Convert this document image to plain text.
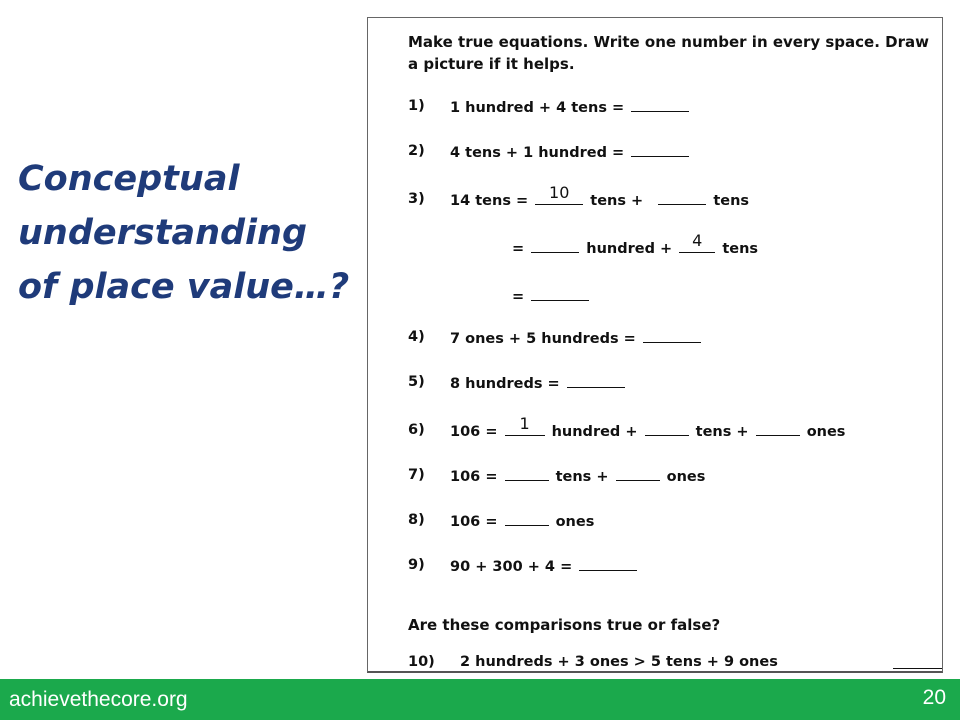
Conceptual
understanding
of place value…?
Make true equations. Write one number in every space. Draw a picture if it helps.
1) 1 hundred + 4 tens =
2) 4 tens + 1 hundred =
3) 14 tens =	10	tens +	tens
=	hundred +	4	tens
=
4) 7 ones + 5 hundreds =
5) 8 hundreds =
6) 106 =	1	hundred +	tens +	ones
7) 106 =	tens +	ones
8) 106 =	ones
9) 90 + 300 + 4 =
Are these comparisons true or false?
10) 2 hundreds + 3 ones > 5 tens + 9 ones
achievethecore.org	20
